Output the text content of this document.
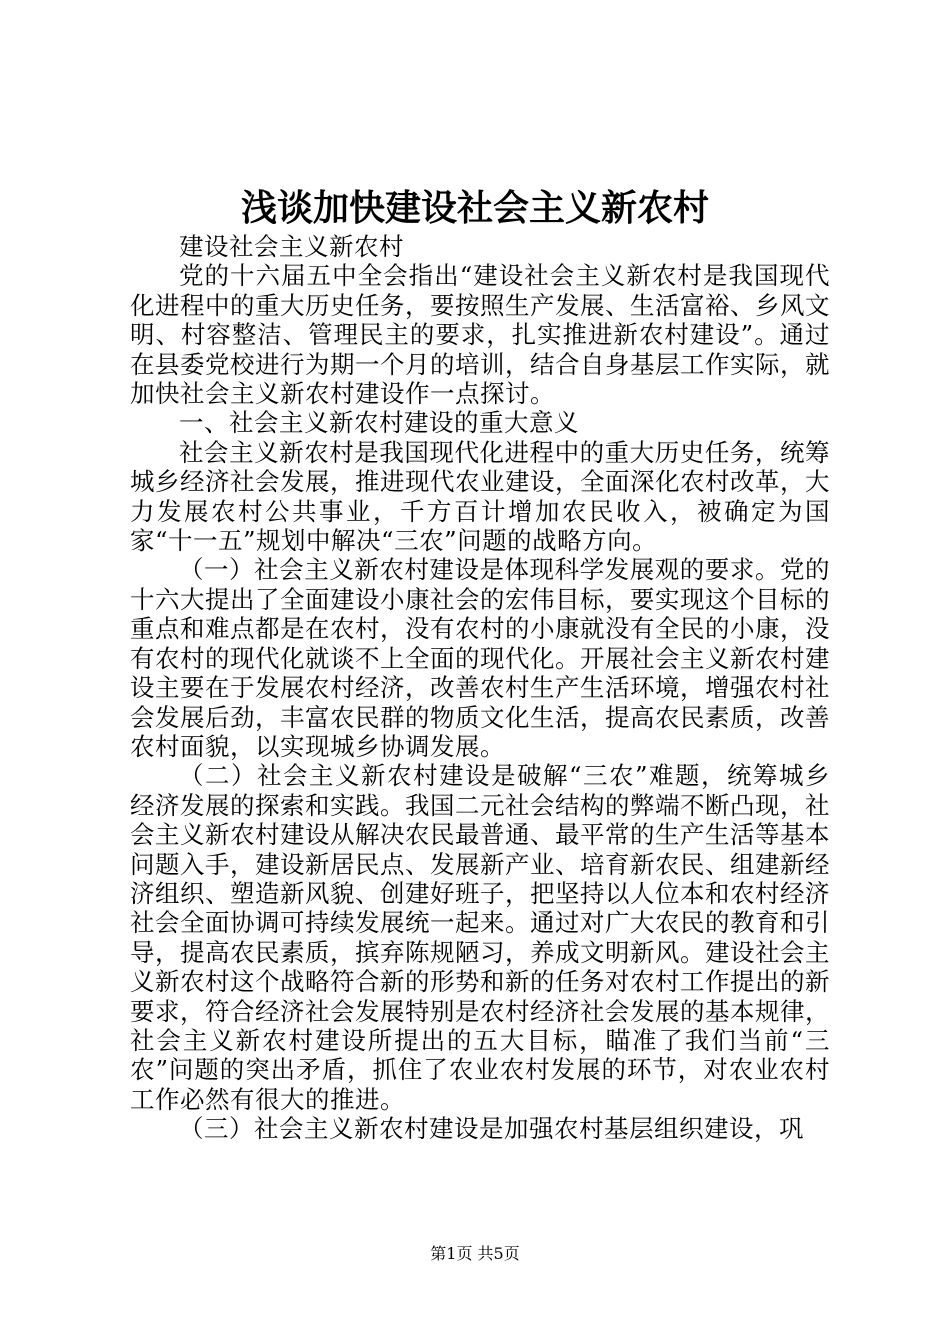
浅谈加快建设社会主义新农村

建设社会主义新农村

党的十六届五中全会指出“建设社会主义新农村是我国现代化进程中的重大历史任务，要按照生产发展、生活富裕、乡风文明、村容整洁、管理民主的要求，扎实推进新农村建设”。通过在县委党校进行为期一个月的培训，结合自身基层工作实际，就加快社会主义新农村建设作一点探讨。

一、社会主义新农村建设的重大意义

社会主义新农村是我国现代化进程中的重大历史任务，统筹城乡经济社会发展，推进现代农业建设，全面深化农村改革，大力发展农村公共事业，千方百计增加农民收入，被确定为国家“十一五”规划中解决“三农”问题的战略方向。

（一）社会主义新农村建设是体现科学发展观的要求。党的十六大提出了全面建设小康社会的宏伟目标，要实现这个目标的重点和难点都是在农村，没有农村的小康就没有全民的小康，没有农村的现代化就谈不上全面的现代化。开展社会主义新农村建设主要在于发展农村经济，改善农村生产生活环境，增强农村社会发展后劲，丰富农民群的物质文化生活，提高农民素质，改善农村面貌，以实现城乡协调发展。

（二）社会主义新农村建设是破解“三农”难题，统筹城乡经济发展的探索和实践。我国二元社会结构的弊端不断凸现，社会主义新农村建设从解决农民最普通、最平常的生产生活等基本问题入手，建设新居民点、发展新产业、培育新农民、组建新经济组织、塑造新风貌、创建好班子，把坚持以人位本和农村经济社会全面协调可持续发展统一起来。通过对广大农民的教育和引导，提高农民素质，摈弃陈规陋习，养成文明新风。建设社会主义新农村这个战略符合新的形势和新的任务对农村工作提出的新要求，符合经济社会发展特别是农村经济社会发展的基本规律，社会主义新农村建设所提出的五大目标，瞄准了我们当前“三农”问题的突出矛盾，抓住了农业农村发展的环节，对农业农村工作必然有很大的推进。

（三）社会主义新农村建设是加强农村基层组织建设，巩

第1页 共5页
